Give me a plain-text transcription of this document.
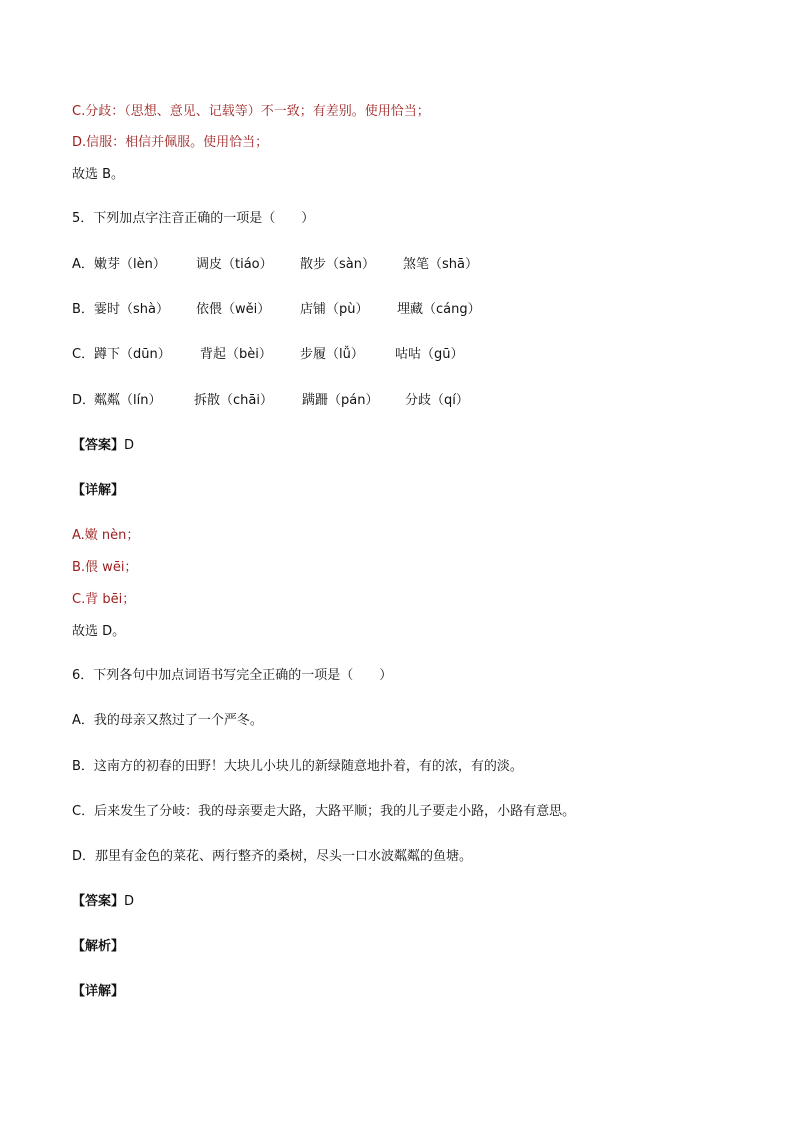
C.分歧：（思想、意见、记载等）不一致；有差别。使用恰当；
D.信服：相信并佩服。使用恰当；
故选 B。
5．下列加点字注音正确的一项是（　　）
A． 嫩芽（lèn） 调皮（tiáo） 散步（sàn） 煞笔（shā）
B． 霎时（shà） 依偎（wěi） 店铺（pù） 埋藏（cáng）
C． 蹲下（dūn） 背起（bèi） 步履（lǚ） 咕咕（gū）
D．
粼粼（lín）	拆散（chāi） 蹒跚（pán） 分歧（qí）
【答案】D
【详解】
A.嫩 nèn；
B.偎 wēi；
C.背 bēi；
故选 D。
6．下列各句中加点词语书写完全正确的一项是（　　）
A．我的母亲又熬过了一个严冬。
B．这南方的初春的田野！大块儿小块儿的新绿随意地扑着，有的浓，有的淡。
C．后来发生了分岐：我的母亲要走大路，大路平顺；我的儿子要走小路，小路有意思。
D．那里有金色的菜花、两行整齐的桑树，尽头一口水波粼粼的鱼塘。
【答案】D
【解析】
【详解】
